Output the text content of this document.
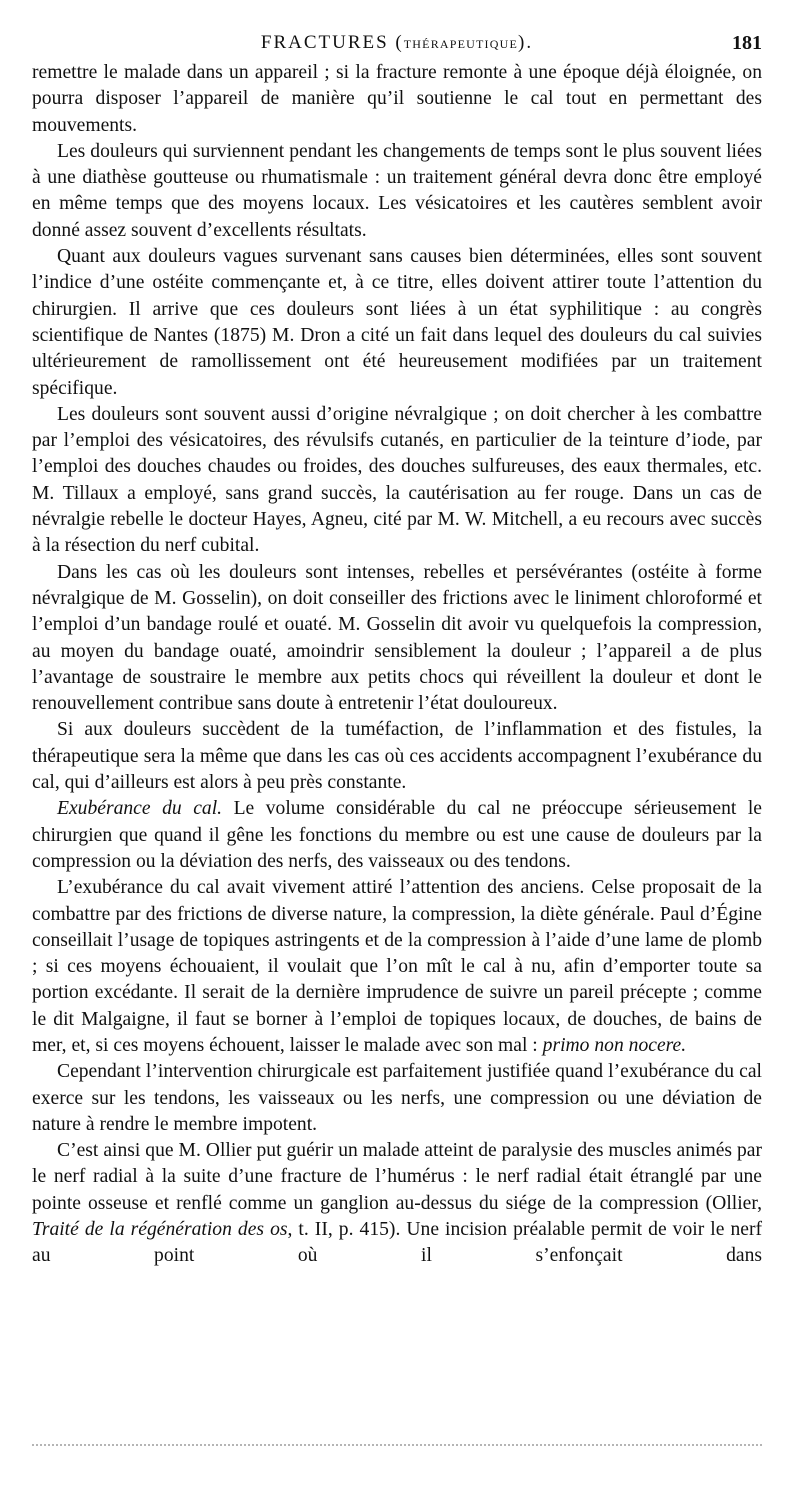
FRACTURES (THÉRAPEUTIQUE).	181

remettre le malade dans un appareil ; si la fracture remonte à une époque déjà éloignée, on pourra disposer l’appareil de manière qu’il soutienne le cal tout en permettant des mouvements.

Les douleurs qui surviennent pendant les changements de temps sont le plus souvent liées à une diathèse goutteuse ou rhumatismale : un traitement général devra donc être employé en même temps que des moyens locaux. Les vésicatoires et les cautères semblent avoir donné assez souvent d’excellents résultats.

Quant aux douleurs vagues survenant sans causes bien déterminées, elles sont souvent l’indice d’une ostéite commençante et, à ce titre, elles doivent attirer toute l’attention du chirurgien. Il arrive que ces douleurs sont liées à un état syphilitique : au congrès scientifique de Nantes (1875) M. Dron a cité un fait dans lequel des douleurs du cal suivies ultérieurement de ramollissement ont été heureusement modifiées par un traitement spécifique.

Les douleurs sont souvent aussi d’origine névralgique ; on doit chercher à les combattre par l’emploi des vésicatoires, des révulsifs cutanés, en particulier de la teinture d’iode, par l’emploi des douches chaudes ou froides, des douches sulfureuses, des eaux thermales, etc. M. Tillaux a employé, sans grand succès, la cautérisation au fer rouge. Dans un cas de névralgie rebelle le docteur Hayes, Agneu, cité par M. W. Mitchell, a eu recours avec succès à la résection du nerf cubital.

Dans les cas où les douleurs sont intenses, rebelles et persévérantes (ostéite à forme névralgique de M. Gosselin), on doit conseiller des frictions avec le liniment chloroformé et l’emploi d’un bandage roulé et ouaté. M. Gosselin dit avoir vu quelquefois la compression, au moyen du bandage ouaté, amoindrir sensiblement la douleur ; l’appareil a de plus l’avantage de soustraire le membre aux petits chocs qui réveillent la douleur et dont le renouvellement contribue sans doute à entretenir l’état douloureux.

Si aux douleurs succèdent de la tuméfaction, de l’inflammation et des fistules, la thérapeutique sera la même que dans les cas où ces accidents accompagnent l’exubérance du cal, qui d’ailleurs est alors à peu près constante.

Exubérance du cal. Le volume considérable du cal ne préoccupe sérieusement le chirurgien que quand il gêne les fonctions du membre ou est une cause de douleurs par la compression ou la déviation des nerfs, des vaisseaux ou des tendons.

L’exubérance du cal avait vivement attiré l’attention des anciens. Celse proposait de la combattre par des frictions de diverse nature, la compression, la diète générale. Paul d’Égine conseillait l’usage de topiques astringents et de la compression à l’aide d’une lame de plomb ; si ces moyens échouaient, il voulait que l’on mît le cal à nu, afin d’emporter toute sa portion excédante. Il serait de la dernière imprudence de suivre un pareil précepte ; comme le dit Malgaigne, il faut se borner à l’emploi de topiques locaux, de douches, de bains de mer, et, si ces moyens échouent, laisser le malade avec son mal : primo non nocere.

Cependant l’intervention chirurgicale est parfaitement justifiée quand l’exubérance du cal exerce sur les tendons, les vaisseaux ou les nerfs, une compression ou une déviation de nature à rendre le membre impotent.

C’est ainsi que M. Ollier put guérir un malade atteint de paralysie des muscles animés par le nerf radial à la suite d’une fracture de l’humérus : le nerf radial était étranglé par une pointe osseuse et renflé comme un ganglion au-dessus du siége de la compression (Ollier, Traité de la régénération des os, t. II, p. 415). Une incision préalable permit de voir le nerf au point où il s’enfonçait dans
